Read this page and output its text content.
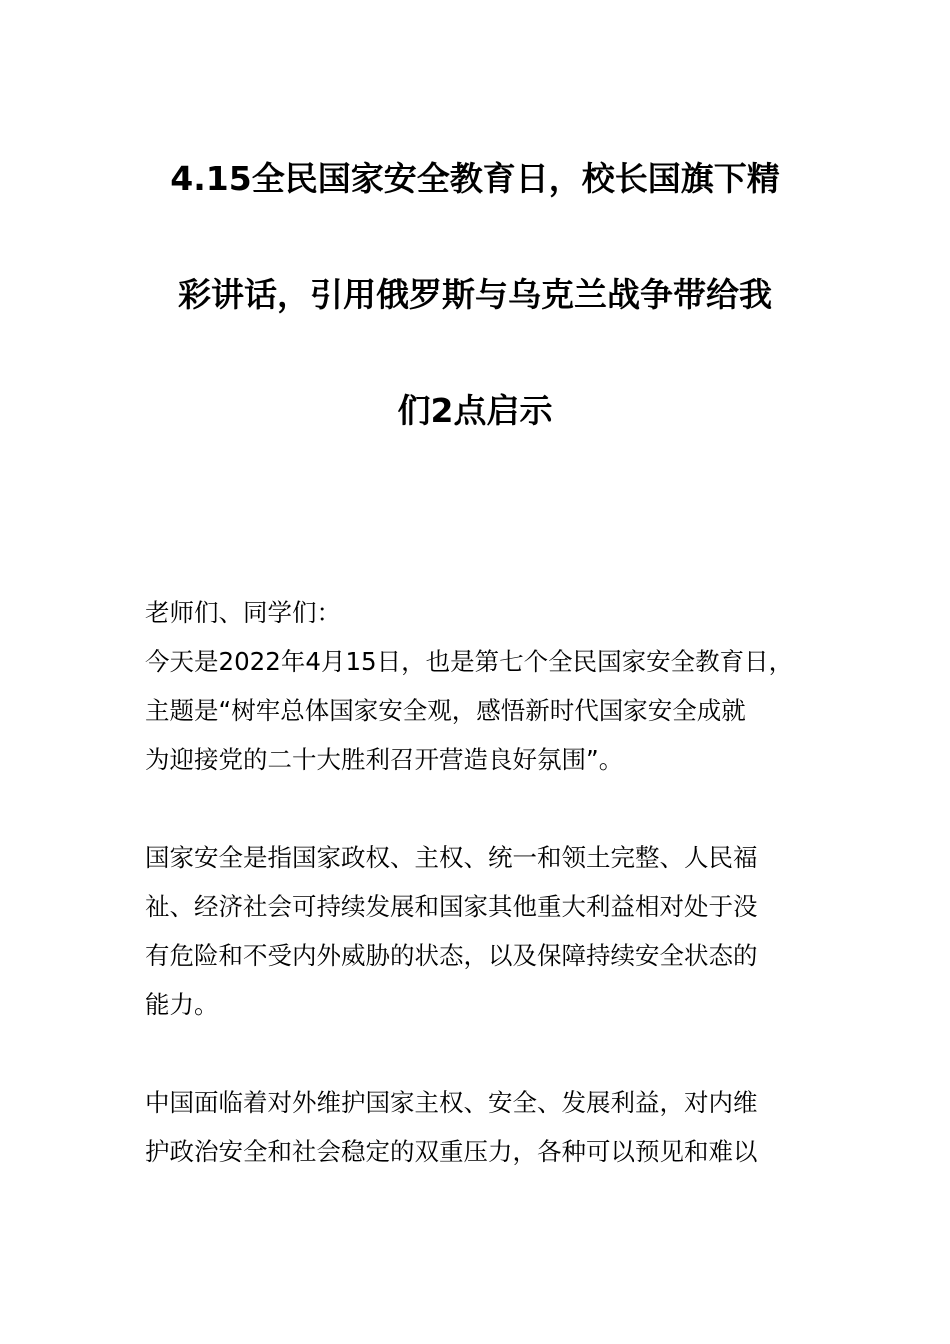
4.15全民国家安全教育日，校长国旗下精
彩讲话，引用俄罗斯与乌克兰战争带给我
们2点启示
老师们、同学们：
今天是2022年4月15日，也是第七个全民国家安全教育日，
主题是“树牢总体国家安全观，感悟新时代国家安全成就
为迎接党的二十大胜利召开营造良好氛围”。
国家安全是指国家政权、主权、统一和领土完整、人民福
祉、经济社会可持续发展和国家其他重大利益相对处于没
有危险和不受内外威胁的状态，以及保障持续安全状态的
能力。
中国面临着对外维护国家主权、安全、发展利益，对内维
护政治安全和社会稳定的双重压力，各种可以预见和难以
